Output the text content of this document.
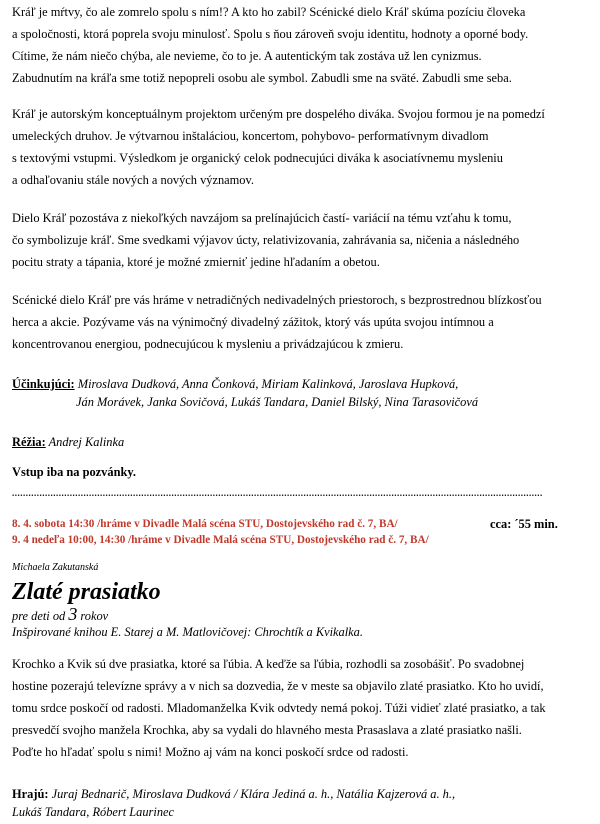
Kráľ je mŕtvy, čo ale zomrelo spolu s ním!? A kto ho zabil? Scénické dielo Kráľ skúma pozíciu človeka
a spoločnosti, ktorá poprela svoju minulosť. Spolu s ňou zároveň svoju identitu, hodnoty a oporné body.
Cítime, že nám niečo chýba, ale nevieme, čo to je. A autentickým tak zostáva už len cynizmus.
Zabudnutím na kráľa sme totiž nepopreli osobu ale symbol. Zabudli sme na sväté. Zabudli sme seba.
Kráľ je autorským konceptuálnym projektom určeným pre dospelého diváka. Svojou formou je na pomedzí
umeleckých druhov. Je výtvarnou inštaláciou, koncertom, pohybovo- performatívnym divadlom
s textovými vstupmi. Výsledkom je organický celok podnecujúci diváka k asociatívnemu mysleniu
a odhaľovaniu stále nových a nových významov.
Dielo Kráľ pozostáva z niekoľkých navzájom sa prelínajúcich častí- variácií na tému vzťahu k tomu,
čo symbolizuje kráľ. Sme svedkami výjavov úcty, relativizovania, zahrávania sa, ničenia a následného
pocitu straty a tápania, ktoré je možné zmierniť jedine hľadaním a obetou.
Scénické dielo Kráľ pre vás hráme v netradičných nedivadelných priestoroch, s bezprostrednou blízkosťou
herca a akcie. Pozývame vás na výnimočný divadelný zážitok, ktorý vás upúta svojou intímnou a
koncentrovanou energiou, podnecujúcou k mysleniu a privádzajúcou k zmieru.
Účinkujúci: Miroslava Dudková, Anna Čonková, Miriam Kalinková, Jaroslava Hupková,
Ján Morávek, Janka Sovičová, Lukáš Tandara, Daniel Bilský, Nina Tarasovičová
Réžia: Andrej Kalinka
Vstup iba na pozvánky.
.................................................................................................................................................................................................
8. 4. sobota 14:30 /hráme v Divadle Malá scéna STU, Dostojevského rad č. 7, BA/	cca: ´55 min.
9. 4 nedeľa 10:00, 14:30 /hráme v Divadle Malá scéna STU, Dostojevského rad č. 7, BA/
Michaela Zakutanská
Zlaté prasiatko
pre deti od 3 rokov
Inšpirované knihou E. Starej a M. Matlovičovej: Chrochtík a Kvikalka.
Krochko a Kvik sú dve prasiatka, ktoré sa ľúbia. A keďže sa ľúbia, rozhodli sa zosobášiť. Po svadobnej
hostine pozerajú televízne správy a v nich sa dozvedia, že v meste sa objavilo zlaté prasiatko. Kto ho uvidí,
tomu srdce poskočí od radosti. Mladomanželka Kvik odvtedy nemá pokoj. Túži vidieť zlaté prasiatko, a tak
presvedčí svojho manžela Krochka, aby sa vydali do hlavného mesta Prasaslava a zlaté prasiatko našli.
Poďte ho hľadať spolu s nimi! Možno aj vám na konci poskočí srdce od radosti.
Hrajú: Juraj Bednarič, Miroslava Dudková / Klára Jediná a. h., Natália Kajzerová a. h.,
Lukáš Tandara, Róbert Laurinec
